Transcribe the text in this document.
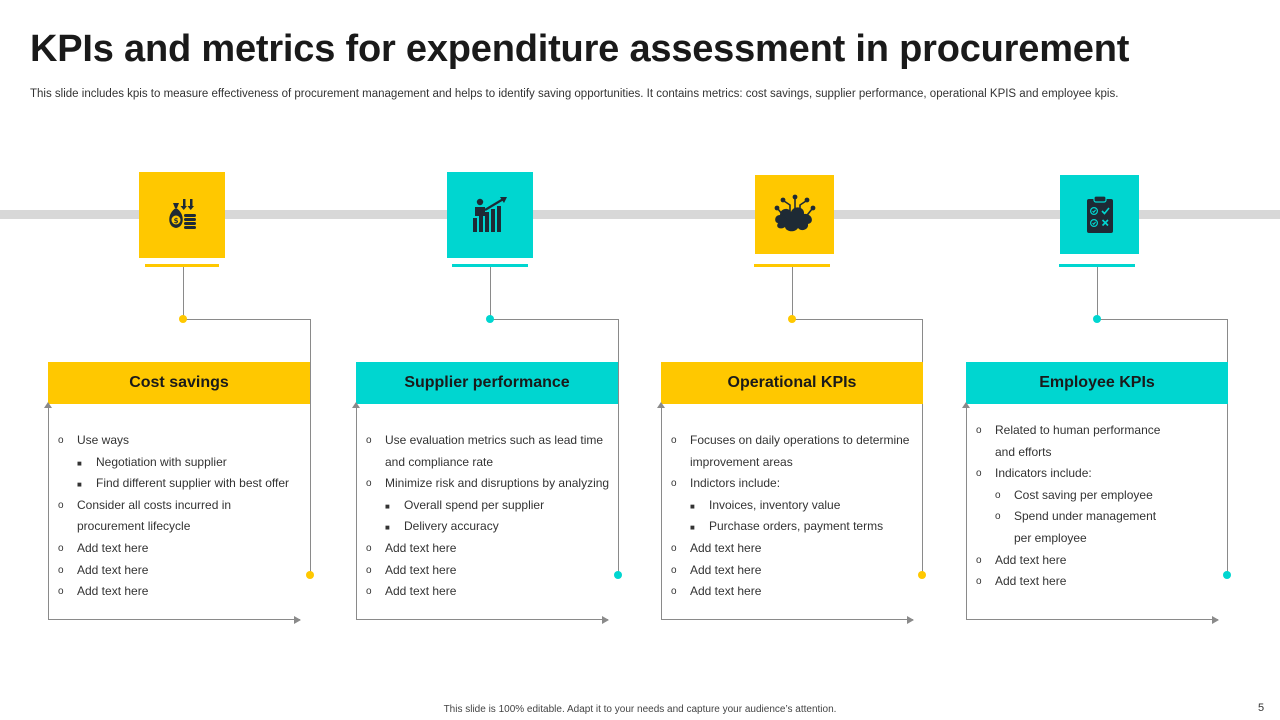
KPIs and metrics for expenditure assessment in procurement

This slide includes kpis to measure effectiveness of procurement management and helps to identify saving opportunities. It contains metrics: cost savings, supplier performance, operational KPIS and employee kpis.

$
Cost savings
o Use ways
■ Negotiation with supplier
■ Find different supplier with best offer
o Consider all costs incurred in
procurement lifecycle
o Add text here
o Add text here
o Add text here
Supplier performance
o Use evaluation metrics such as lead time
and compliance rate
o Minimize risk and disruptions by analyzing
■ Overall spend per supplier
■ Delivery accuracy
o Add text here
o Add text here
o Add text here
Operational KPIs
o Focuses on daily operations to determine
improvement areas
o Indictors include:
■ Invoices, inventory value
■ Purchase orders, payment terms
o Add text here
o Add text here
o Add text here
Employee KPIs
o Related to human performance
and efforts
o Indicators include:
o Cost saving per employee
o Spend under management
per employee
o Add text here
o Add text here
This slide is 100% editable. Adapt it to your needs and capture your audience’s attention.	5
